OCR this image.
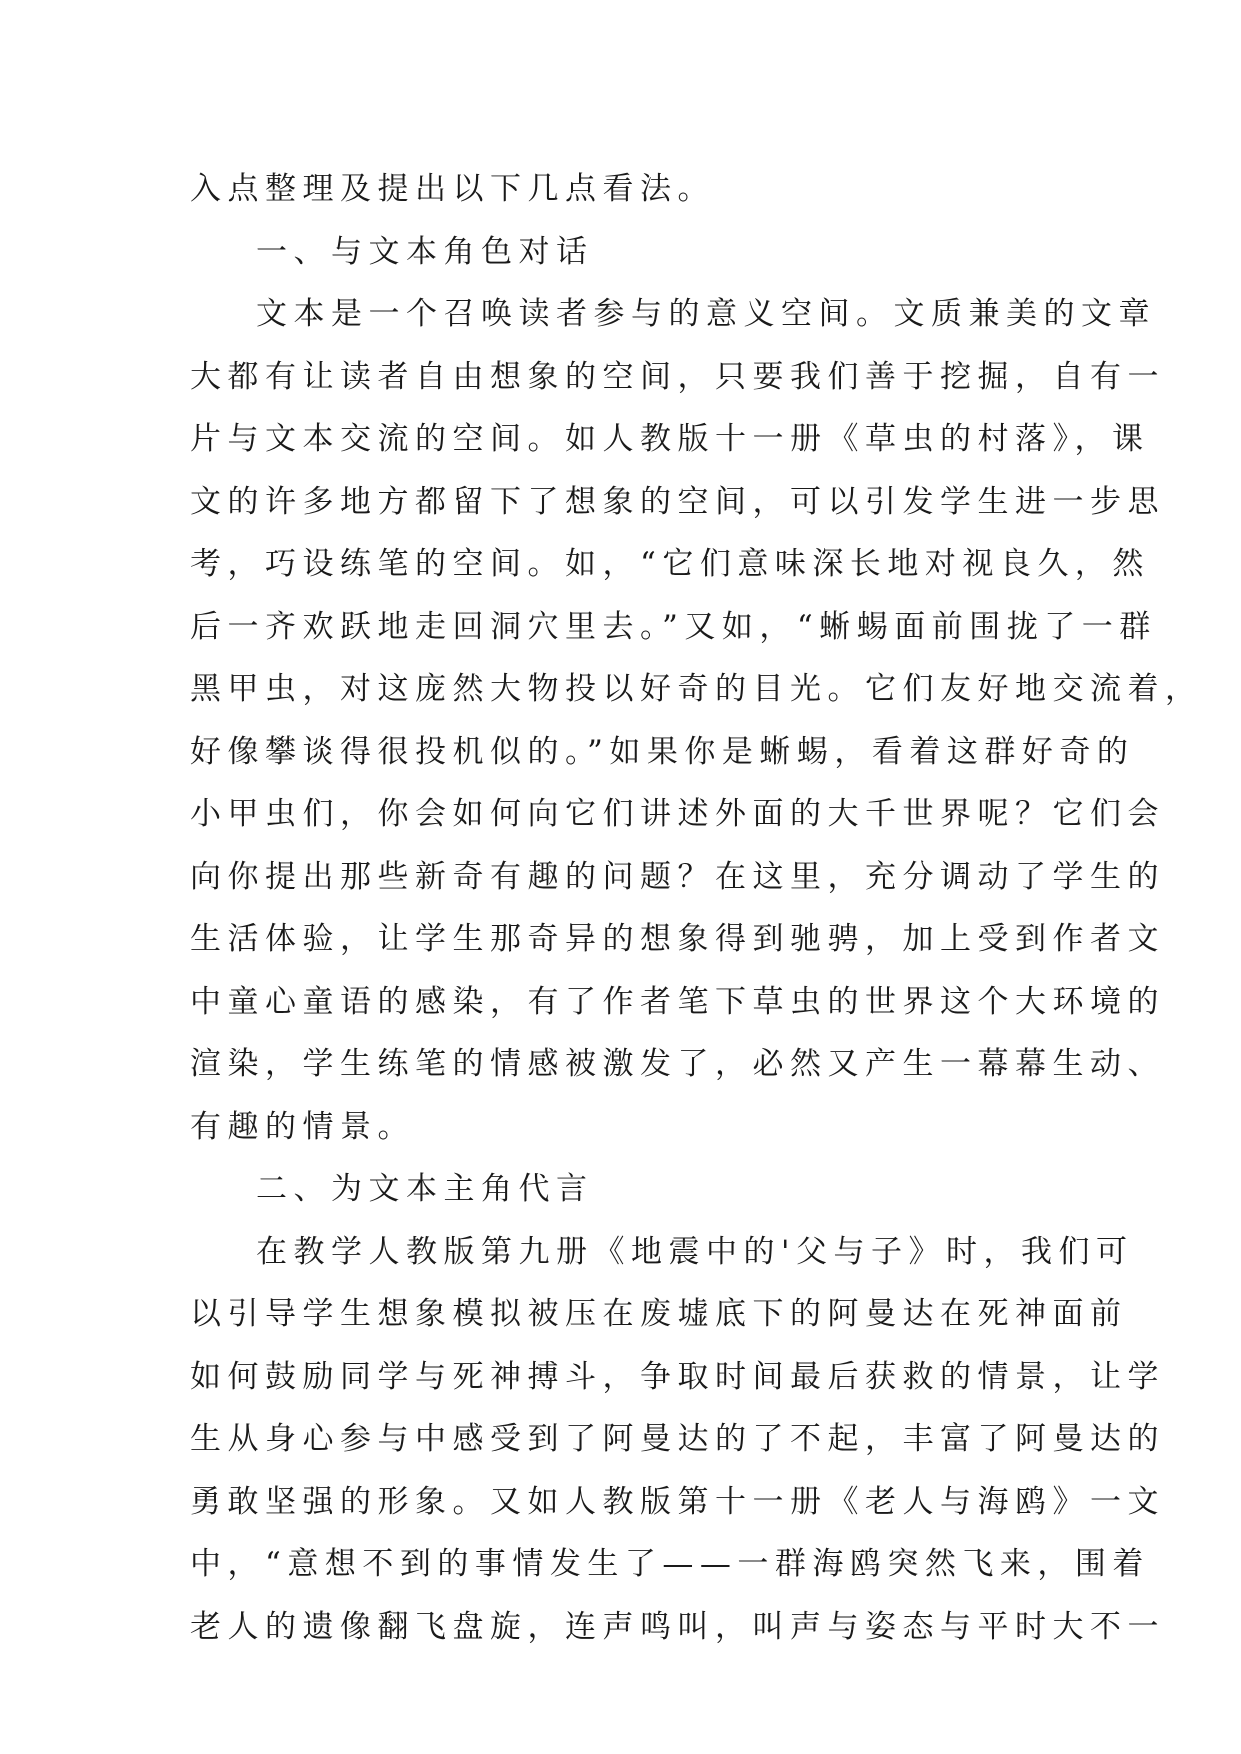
入点整理及提出以下几点看法。
一、与文本角色对话
文本是一个召唤读者参与的意义空间。文质兼美的文章
大都有让读者自由想象的空间，只要我们善于挖掘，自有一
片与文本交流的空间。如人教版十一册《草虫的村落》，课
文的许多地方都留下了想象的空间，可以引发学生进一步思
考，巧设练笔的空间。如，“它们意味深长地对视良久，然
后一齐欢跃地走回洞穴里去。”又如，“蜥蜴面前围拢了一群
黑甲虫，对这庞然大物投以好奇的目光。它们友好地交流着，
好像攀谈得很投机似的。”如果你是蜥蜴，看着这群好奇的
小甲虫们，你会如何向它们讲述外面的大千世界呢？它们会
向你提出那些新奇有趣的问题？在这里，充分调动了学生的
生活体验，让学生那奇异的想象得到驰骋，加上受到作者文
中童心童语的感染，有了作者笔下草虫的世界这个大环境的
渲染，学生练笔的情感被激发了，必然又产生一幕幕生动、
有趣的情景。
二、为文本主角代言
在教学人教版第九册《地震中的'父与子》时，我们可
以引导学生想象模拟被压在废墟底下的阿曼达在死神面前
如何鼓励同学与死神搏斗，争取时间最后获救的情景，让学
生从身心参与中感受到了阿曼达的了不起，丰富了阿曼达的
勇敢坚强的形象。又如人教版第十一册《老人与海鸥》一文
中，“意想不到的事情发生了——一群海鸥突然飞来，围着
老人的遗像翻飞盘旋，连声鸣叫，叫声与姿态与平时大不一
